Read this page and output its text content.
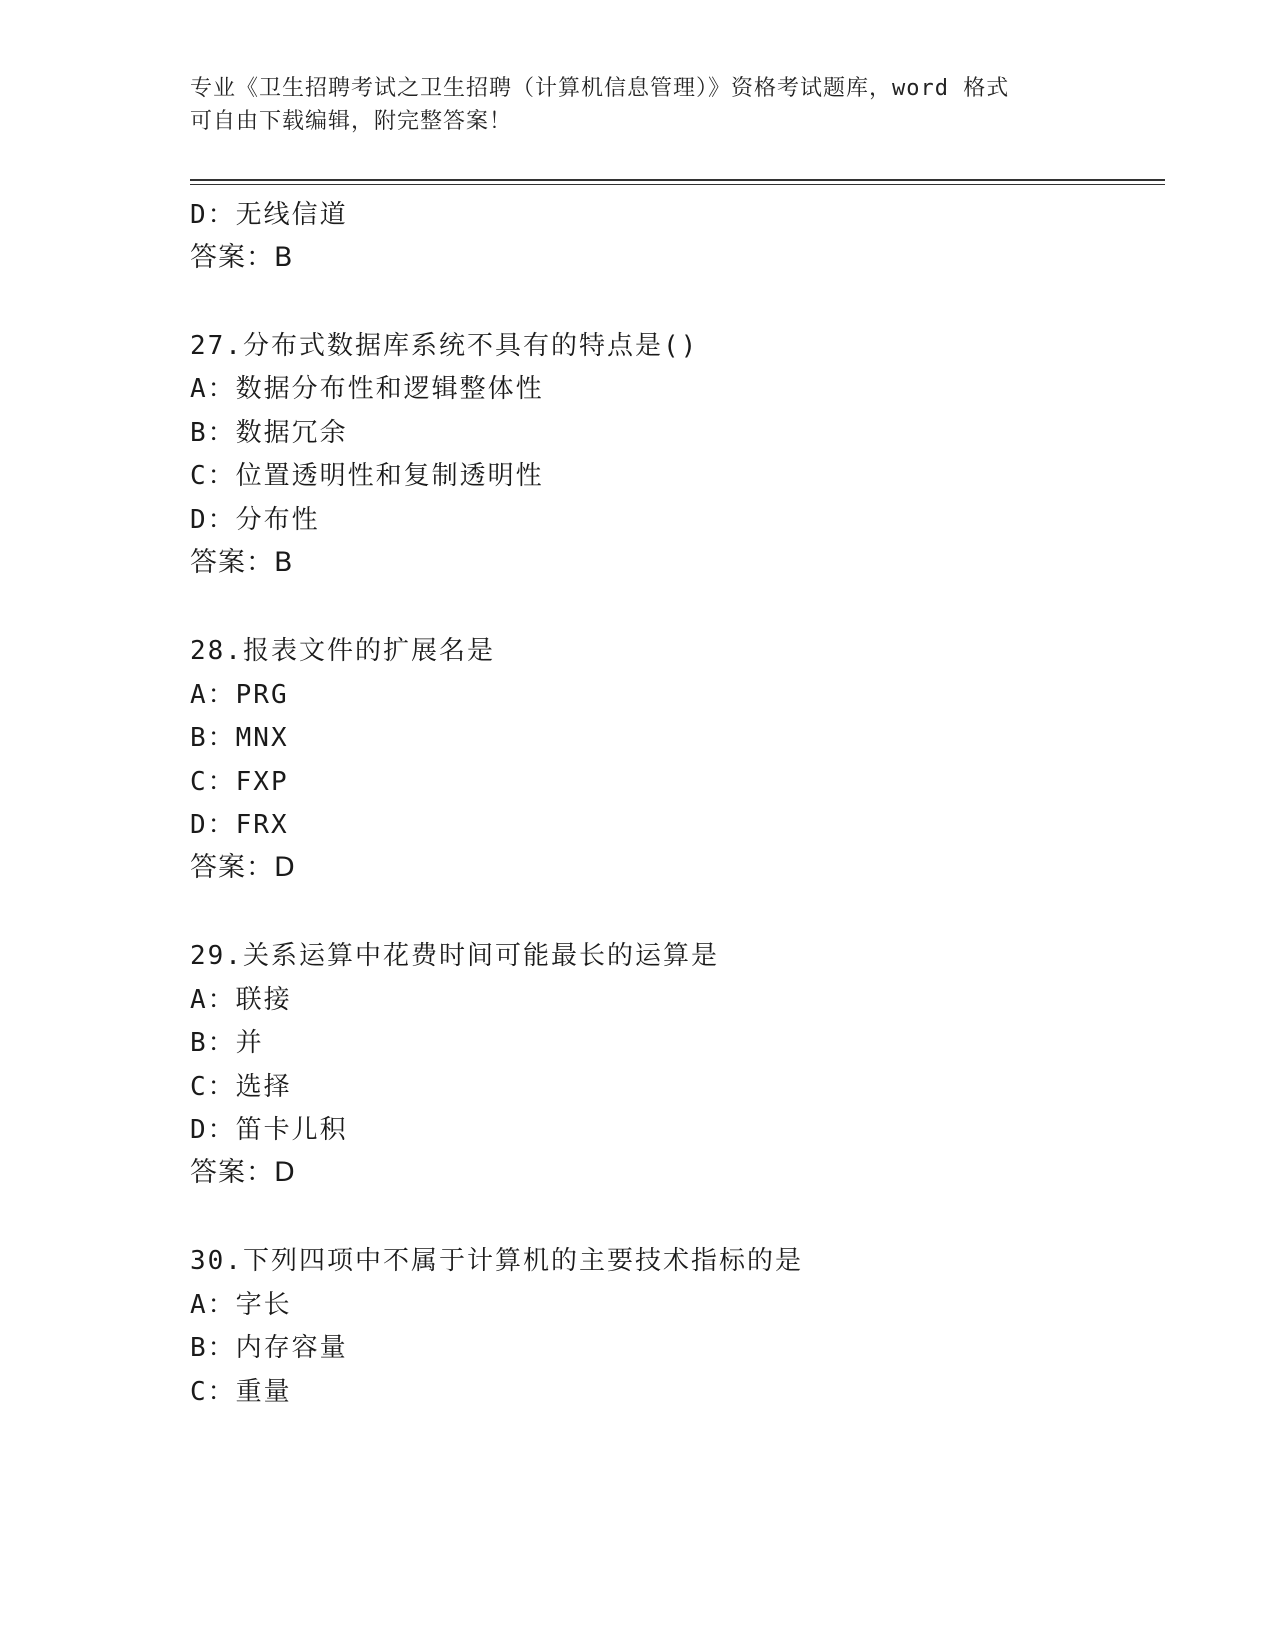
专业《卫生招聘考试之卫生招聘（计算机信息管理）》资格考试题库，word 格式
可自由下载编辑，附完整答案！
D：无线信道
答案：B
27.分布式数据库系统不具有的特点是()
A：数据分布性和逻辑整体性
B：数据冗余
C：位置透明性和复制透明性
D：分布性
答案：B
28.报表文件的扩展名是
A：PRG
B：MNX
C：FXP
D：FRX
答案：D
29.关系运算中花费时间可能最长的运算是
A：联接
B：并
C：选择
D：笛卡儿积
答案：D
30.下列四项中不属于计算机的主要技术指标的是
A：字长
B：内存容量
C：重量
